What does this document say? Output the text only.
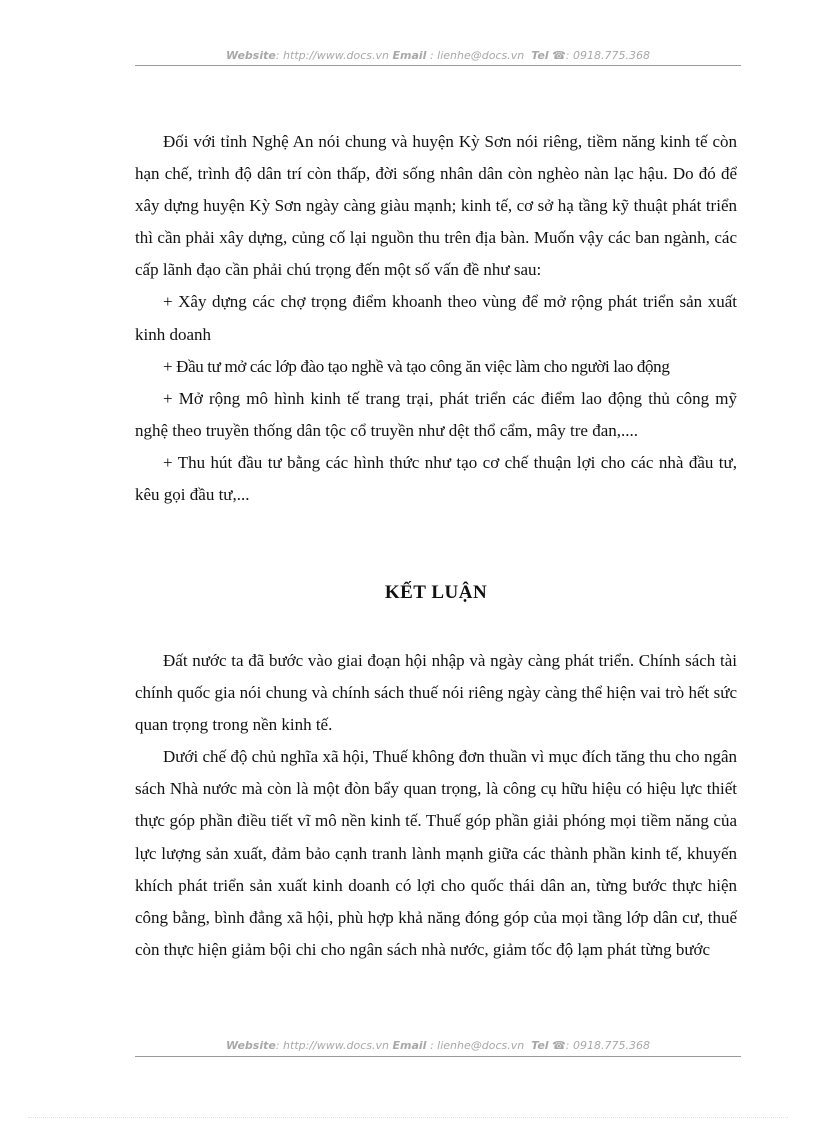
Website: http://www.docs.vn Email : lienhe@docs.vn Tel ☎: 0918.775.368

Đối với tỉnh Nghệ An nói chung và huyện Kỳ Sơn nói riêng, tiềm năng kinh tế còn hạn chế, trình độ dân trí còn thấp, đời sống nhân dân còn nghèo nàn lạc hậu. Do đó để xây dựng huyện Kỳ Sơn ngày càng giàu mạnh; kinh tế, cơ sở hạ tầng kỹ thuật phát triển thì cần phải xây dựng, củng cố lại nguồn thu trên địa bàn. Muốn vậy các ban ngành, các cấp lãnh đạo cần phải chú trọng đến một số vấn đề như sau:

+ Xây dựng các chợ trọng điểm khoanh theo vùng để mở rộng phát triển sản xuất kinh doanh

+ Đầu tư mở các lớp đào tạo nghề và tạo công ăn việc làm cho người lao động

+ Mở rộng mô hình kinh tế trang trại, phát triển các điểm lao động thủ công mỹ nghệ theo truyền thống dân tộc cổ truyền như dệt thổ cẩm, mây tre đan,....

+ Thu hút đầu tư bằng các hình thức như tạo cơ chế thuận lợi cho các nhà đầu tư, kêu gọi đầu tư,...

KẾT LUẬN

Đất nước ta đã bước vào giai đoạn hội nhập và ngày càng phát triển. Chính sách tài chính quốc gia nói chung và chính sách thuế nói riêng ngày càng thể hiện vai trò hết sức quan trọng trong nền kinh tế.

Dưới chế độ chủ nghĩa xã hội, Thuế không đơn thuần vì mục đích tăng thu cho ngân sách Nhà nước mà còn là một đòn bẩy quan trọng, là công cụ hữu hiệu có hiệu lực thiết thực góp phần điều tiết vĩ mô nền kinh tế. Thuế góp phần giải phóng mọi tiềm năng của lực lượng sản xuất, đảm bảo cạnh tranh lành mạnh giữa các thành phần kinh tế, khuyến khích phát triển sản xuất kinh doanh có lợi cho quốc thái dân an, từng bước thực hiện công bằng, bình đẳng xã hội, phù hợp khả năng đóng góp của mọi tầng lớp dân cư, thuế còn thực hiện giảm bội chi cho ngân sách nhà nước, giảm tốc độ lạm phát từng bước

Website: http://www.docs.vn Email : lienhe@docs.vn Tel ☎: 0918.775.368
